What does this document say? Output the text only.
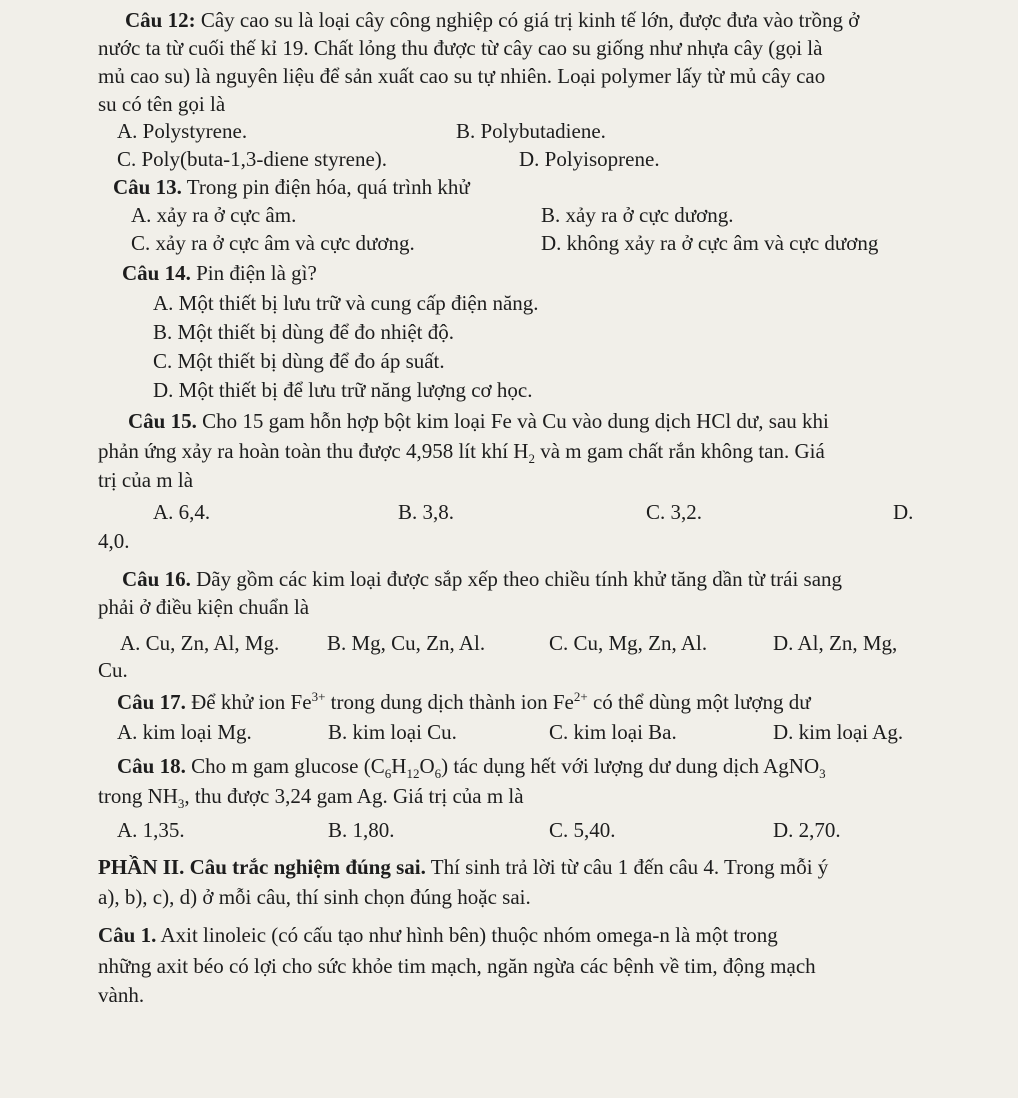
Câu 12: Cây cao su là loại cây công nghiệp có giá trị kinh tế lớn, được đưa vào trồng ở
nước ta từ cuối thế kỉ 19. Chất lỏng thu được từ cây cao su giống như nhựa cây (gọi là
mủ cao su) là nguyên liệu để sản xuất cao su tự nhiên. Loại polymer lấy từ mủ cây cao
su có tên gọi là
A. Polystyrene.	B. Polybutadiene.
C. Poly(buta-1,3-diene styrene).	D. Polyisoprene.
Câu 13. Trong pin điện hóa, quá trình khử
A. xảy ra ở cực âm.	B. xảy ra ở cực dương.
C. xảy ra ở cực âm và cực dương.	D. không xảy ra ở cực âm và cực dương
Câu 14. Pin điện là gì?
A. Một thiết bị lưu trữ và cung cấp điện năng.
B. Một thiết bị dùng để đo nhiệt độ.
C. Một thiết bị dùng để đo áp suất.
D. Một thiết bị để lưu trữ năng lượng cơ học.
Câu 15. Cho 15 gam hỗn hợp bột kim loại Fe và Cu vào dung dịch HCl dư, sau khi
phản ứng xảy ra hoàn toàn thu được 4,958 lít khí $H_2$ và m gam chất rắn không tan. Giá
trị của m là
A. 6,4.	B. 3,8.	C. 3,2.	D.
4,0.
Câu 16. Dãy gồm các kim loại được sắp xếp theo chiều tính khử tăng dần từ trái sang
phải ở điều kiện chuẩn là
A. Cu, Zn, Al, Mg. B. Mg, Cu, Zn, Al.	C. Cu, Mg, Zn, Al.	D. Al, Zn, Mg,
Cu.
Câu 17. Để khử ion $Fe^{3+}$ trong dung dịch thành ion $Fe^{2+}$ có thể dùng một lượng dư
A. kim loại Mg.	B. kim loại Cu.	C. kim loại Ba.	D. kim loại Ag.
Câu 18. Cho m gam glucose $(C_6H_{12}O_6)$ tác dụng hết với lượng dư dung dịch AgNO$_3$
trong $NH_3$, thu được 3,24 gam Ag. Giá trị của m là
A. 1,35.	B. 1,80.	C. 5,40.	D. 2,70.
PHẦN II. Câu trắc nghiệm đúng sai. Thí sinh trả lời từ câu 1 đến câu 4. Trong mỗi ý
a), b), c), d) ở mỗi câu, thí sinh chọn đúng hoặc sai.
Câu 1. Axit linoleic (có cấu tạo như hình bên) thuộc nhóm omega-n là một trong
những axit béo có lợi cho sức khỏe tim mạch, ngăn ngừa các bệnh về tim, động mạch
vành.
